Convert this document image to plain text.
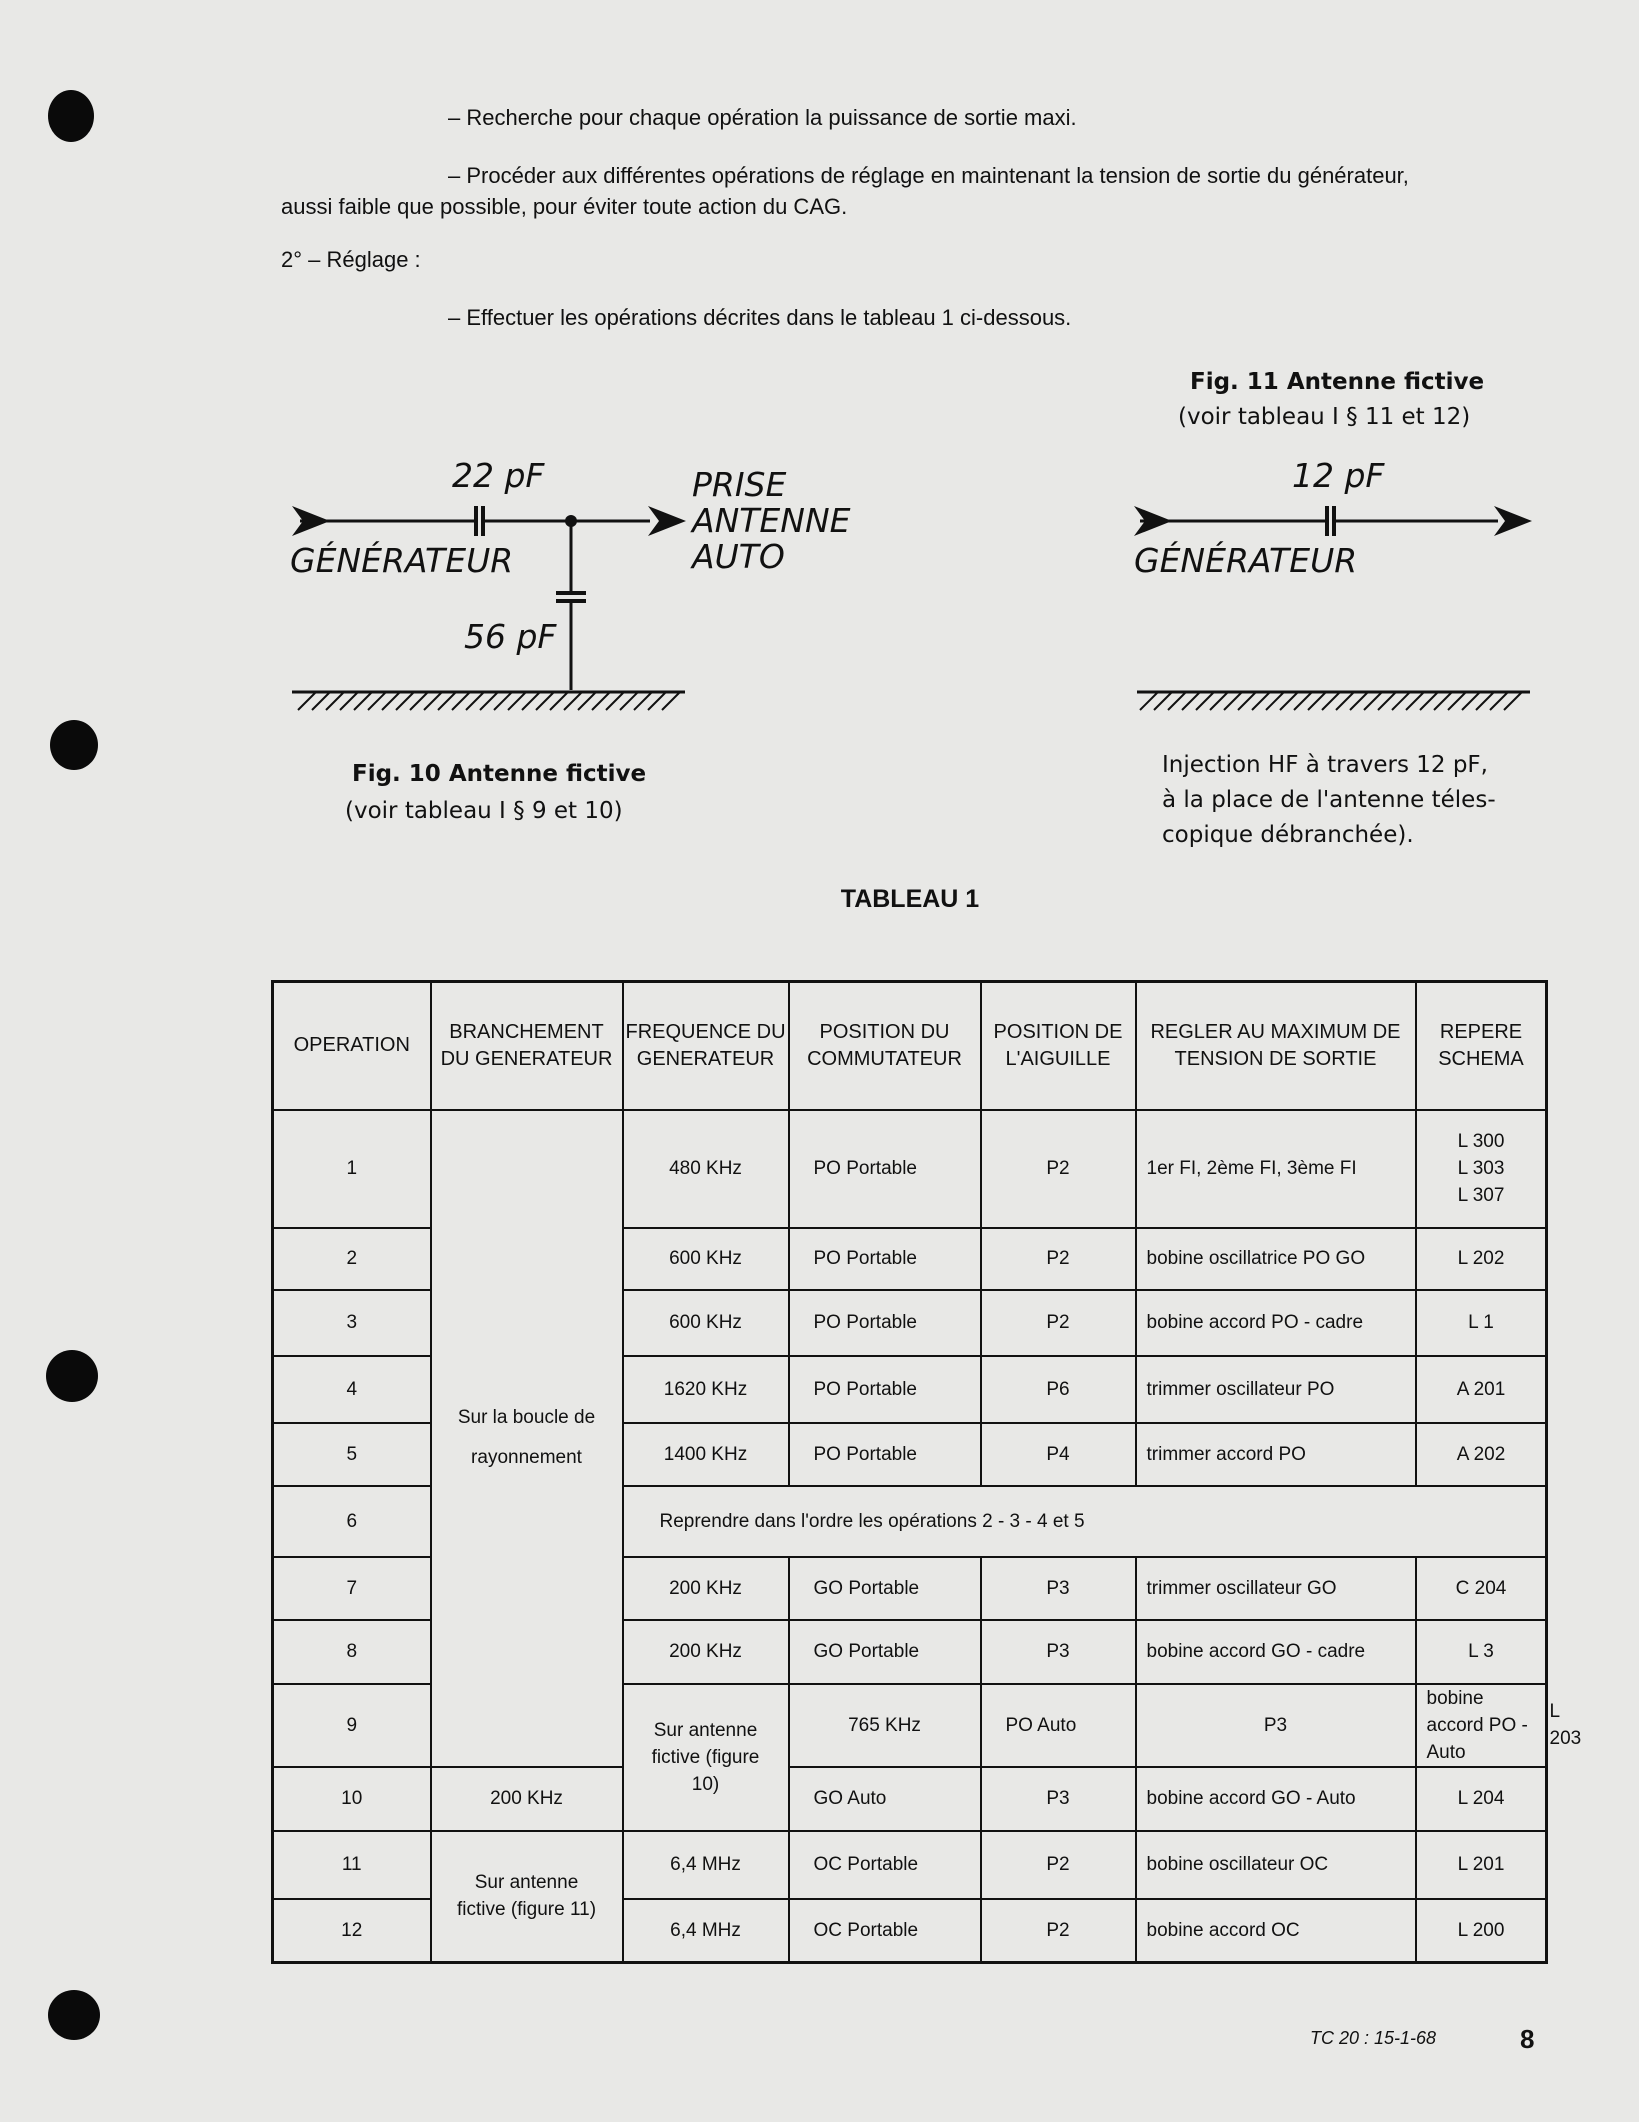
– Recherche pour chaque opération la puissance de sortie maxi.
– Procéder aux différentes opérations de réglage en maintenant la tension de sortie du générateur,
aussi faible que possible, pour éviter toute action du CAG.
2° – Réglage :
– Effectuer les opérations décrites dans le tableau 1 ci-dessous.
22 pF
GÉNÉRATEUR
PRISE
ANTENNE
AUTO
56 pF
12 pF
GÉNÉRATEUR
Fig. 11 Antenne fictive
(voir tableau I § 11 et 12)
Fig. 10 Antenne fictive
(voir tableau I § 9 et 10)
Injection HF à travers 12 pF,
à la place de l'antenne téles-
copique débranchée).
TABLEAU 1
OPERATION	BRANCHEMENT DU GENERATEUR	FREQUENCE DU GENERATEUR	POSITION DU COMMUTATEUR	POSITION DE L'AIGUILLE	REGLER AU MAXIMUM DE TENSION DE SORTIE	REPERE SCHEMA	
1	Sur la boucle de rayonnement	480 KHz	PO Portable	P2	1er FI, 2ème FI, 3ème FI	L 300
L 303
L 307	
2		600 KHz	PO Portable	P2	bobine oscillatrice PO GO	L 202	
3		600 KHz	PO Portable	P2	bobine accord PO - cadre	L 1	
4		1620 KHz	PO Portable	P6	trimmer oscillateur PO	A 201	
5		1400 KHz	PO Portable	P4	trimmer accord PO	A 202	
6		Reprendre dans l'ordre les opérations 2 - 3 - 4 et 5					
7		200 KHz	GO Portable	P3	trimmer oscillateur GO	C 204	
8		200 KHz	GO Portable	P3	bobine accord GO - cadre	L 3	
9		Sur antenne fictive (figure 10)	765 KHz	PO Auto	P3	bobine accord PO - Auto	L 203
10	200 KHz		GO Auto	P3	bobine accord GO - Auto	L 204	
11	Sur antenne fictive (figure 11)	6,4 MHz	OC Portable	P2	bobine oscillateur OC	L 201	
12		6,4 MHz	OC Portable	P2	bobine accord OC	L 200	
TC 20 : 15-1-68	8
